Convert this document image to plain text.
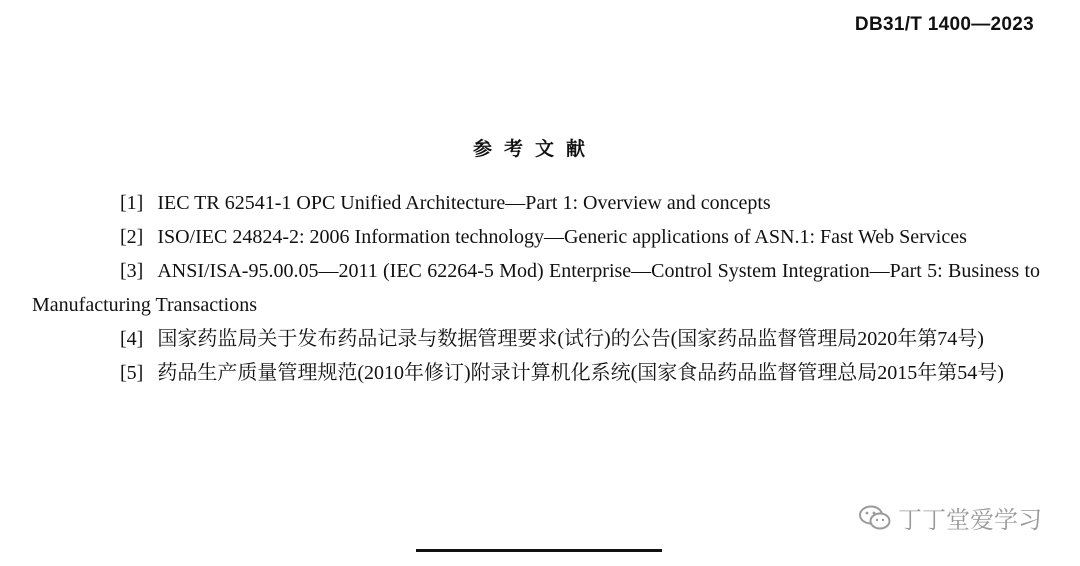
DB31/T 1400—2023
参考文献

[1] IEC TR 62541-1 OPC Unified Architecture—Part 1: Overview and concepts

[2] ISO/IEC 24824-2: 2006 Information technology—Generic applications of ASN.1: Fast Web Services

[3] ANSI/ISA-95.00.05—2011 (IEC 62264-5 Mod) Enterprise—Control System Integration—Part 5: Business to Manufacturing Transactions

[4] 国家药监局关于发布药品记录与数据管理要求(试行)的公告(国家药品监督管理局2020年第74号)

[5] 药品生产质量管理规范(2010年修订)附录计算机化系统(国家食品药品监督管理总局2015年第54号)

丁丁堂爱学习
